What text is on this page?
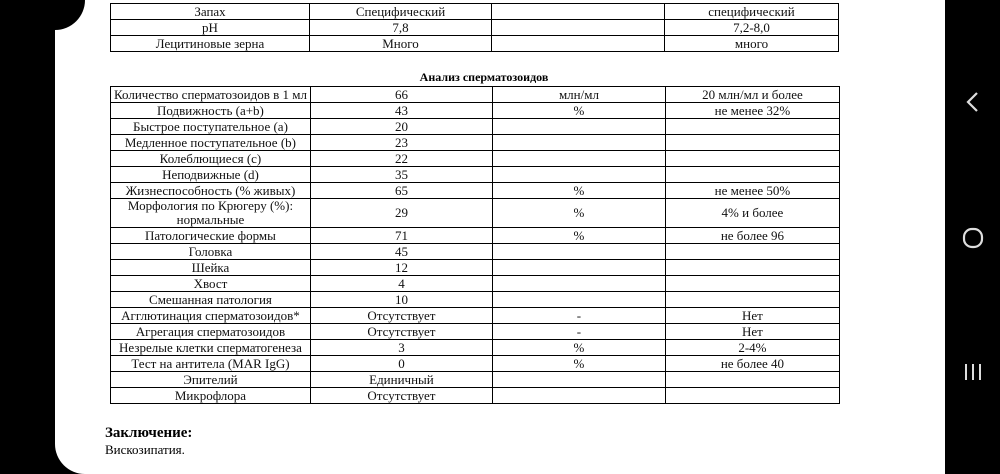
Запах	Специфический		специфический
pH	7,8		7,2-8,0
Лецитиновые зерна	Много		много
Анализ сперматозоидов
Количество сперматозоидов в 1 мл	66	млн/мл	20 млн/мл и более
Подвижность (a+b)	43	%	не менее 32%
Быстрое поступательное (a)	20		
Медленное поступательное (b)	23		
Колеблющиеся (c)	22		
Неподвижные (d)	35		
Жизнеспособность (% живых)	65	%	не менее 50%
Морфология по Крюгеру (%): нормальные	29	%	4% и более
Патологические формы	71	%	не более 96
Головка	45		
Шейка	12		
Хвост	4		
Смешанная патология	10		
Агглютинация сперматозоидов*	Отсутствует	-	Нет
Агрегация сперматозоидов	Отсутствует	-	Нет
Незрелые клетки сперматогенеза	3	%	2-4%
Тест на антитела (MAR IgG)	0	%	не более 40
Эпителий	Единичный		
Микрофлора	Отсутствует		
Заключение:
Вискозипатия.
